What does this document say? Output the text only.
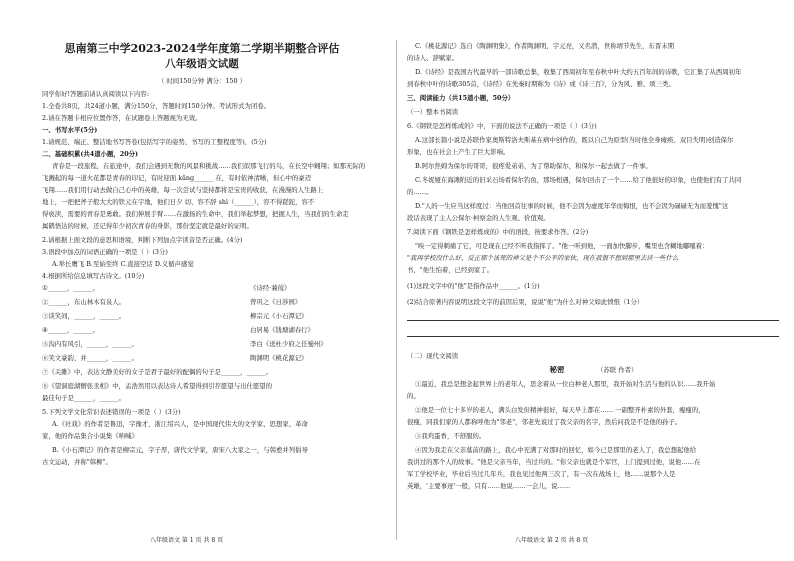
思南第三中学2023-2024学年度第二学期半期整合评估
八年级语文试题
（ 时间150分钟 满分：150 ）
同学你好!答题前请认真阅读以下内容:
1.全卷共8页，共24道小题，满分150分，答题时间150分钟。考试形式为闭卷。
2.请在答题卡相应位置作答，在试题卷上答题视为无效。
一、书写水平(5分)
1.请规范、端正、整洁地书写答卷(包括写字的姿势、书写的工整程度等)，(5分)
二、基础积累(共4道小题，20分)
青春是一段旅程，在旅途中，我们会遇到无数的风景和挑战……我们似那飞行的鸟，在长空中翱翔；如那无际的
飞溅起的每一道火花都是青春的印记，有时迎面 kǎng______ 在，有时依神清晰，但心中的豪迈
飞翔……我们用行动去做自己心中的英雄，每一次尝试与坚持都将是宝贵的收获，在漫漫的人生路上
地上，一把把斧子般大大的铁元在宇地，他们日夕 切、容不辞 shì（______），容不得蹉跎，容不
得亵渎，需要的青春是勇敢。我们伸展手臂……在激扬的生命中，我们举起梦想，把握人生，当我们的生命走
属鹤悟达的时候，还记得年少初次青春的身影，那份坚定就是最好的证明。
2.请根据上面文段的意思和语境，判断下列加点字读音是否正确。(4分)
3.语段中加点的词语正确的一项是（ ）(3分)
A.举长鹰飞 B.至始至终 C.直接空话 D.义循声感觉
4.根据所给信息填写古诗文。(10分)
①______，______。	《诗经·蒹葭》
②______，东山林木有泉人。	曾巩之《日涉园》
③谈笑间，______，______。	柳宗元《小石潭记》
④______，______。	白居易《钱塘湖春行》
⑤沟内有风引，______，______。	李白《送杜少府之任蜀州》
⑥笑文豪韵，并______，______。	陶渊明《桃花源记》
⑦《关雎》中，表达文静美好的女子是君子最好的配偶的句子是______，______。
⑧《望洞庭湖赠张丞相》中，孟浩然用以表达诗人希望得到引荐愿望与出仕愿望的
最佳句子是______，______。
5.下列文学文化常识表述错误的一项是（ ）(3分)
A.《社戏》的作者是鲁迅，字豫才，浙江绍兴人，是中国现代伟大的文学家、思想家、革命
家，他的作品集合小说集《呐喊》
B.《小石潭记》的作者是柳宗元，字子厚，唐代文学家，唐宋八大家之一，与韩愈并列倡导
古文运动，并称"韩柳"。
八年级语文 第 1 页 共 8 页
C.《桃花源记》选自《陶渊明集》，作者陶渊明，字元亮，又名潜，世称靖节先生，东晋末期
的诗人、辞赋家。
D.《诗经》是我国古代最早的一部诗歌总集，收集了西周初年至春秋中叶大约五百年间的诗歌，它汇集了从西周初年
到春秋中叶的诗歌305首，《诗经》在先秦时期称为《诗》或《诗三百》，分为风、雅、颂三类。
三、阅读能力（共15道小题，50分）
（一）整本书阅读
6.《钢铁是怎样炼成的》中，下面的说法不正确的一项是（ ）(3分)
A.这部长篇小说是苏联作家奥斯特洛夫斯基在病中创作的，既以自己为原型(当时他全身瘫痪、双目失明)创造保尔
形象，也在社会上产生了巨大影响。
B.阿尔焦姆为保尔的哥哥，很疼爱弟弟，为了帮助保尔，和保尔一起去做了一件事。
C.冬妮娅在海滩附近的旧采石场看保尔钓鱼，那场相遇，保尔回击了一个……给了他很好的印象，也使他们有了共同
的……。
D."人的一生应当这样度过：当他回首往事的时候，他不会因为虚度年华而悔恨，也不会因为碌碌无为而羞愧"这
段话表现了主人公保尔·柯察金的人生观、价值观。
7.阅读下面《钢铁是怎样炼成的》中的语段，按要求作答。(2分)
"唉一定得刺痛了它，可是现在已经不听我指挥了。"他一听到他，一面加快脚步，嘴里也含糊地嘟囔着：
"我再学校没什么好，反正那个该死的神父是个不公平的家伙，现在我很不想到那里去读一些什么
书，"他生怕着，已经到家了。
(1)这段文字中的"他"是指作品中______。(1分)
(2)结合原著内容说明这段文字的前因后果，说说"他"为什么对神父如此愤恨（1分）
（二）现代文阅读
秘密	（苏联 作者）
①最近，我总是想念起世界上的老年人，思念着从一位白种老人那里，我开始对生活与他的认识……我开始
的。
②他是一位七十多岁的老人，满头白发但精神很好，每天早上都在…… 一副整齐朴素的外套，瘦瘦的，
很瘦，同我们家的人都称呼他为"邻老"，邻老先说过了我父亲的名字，然后问我是不是他的孙子。
③我鸡蛋香，不舒服的。
④因为我走在父亲墓前的路上，我心中充满了对那时的回忆，如今已是那里的老人了，我总想起他给
我讲过的那个人的故事。"他是父亲当年，当过兵的。"你父亲也就是个军官，上门提到过他，说他……在
军工学校毕业，毕业后当过几年兵，我也见过他两三次了，有一次在战场上，他……说那个人是
英雄，'主要事迹'一般，只有……他说……一会儿，说……
八年级语文 第 2 页 共 8 页
